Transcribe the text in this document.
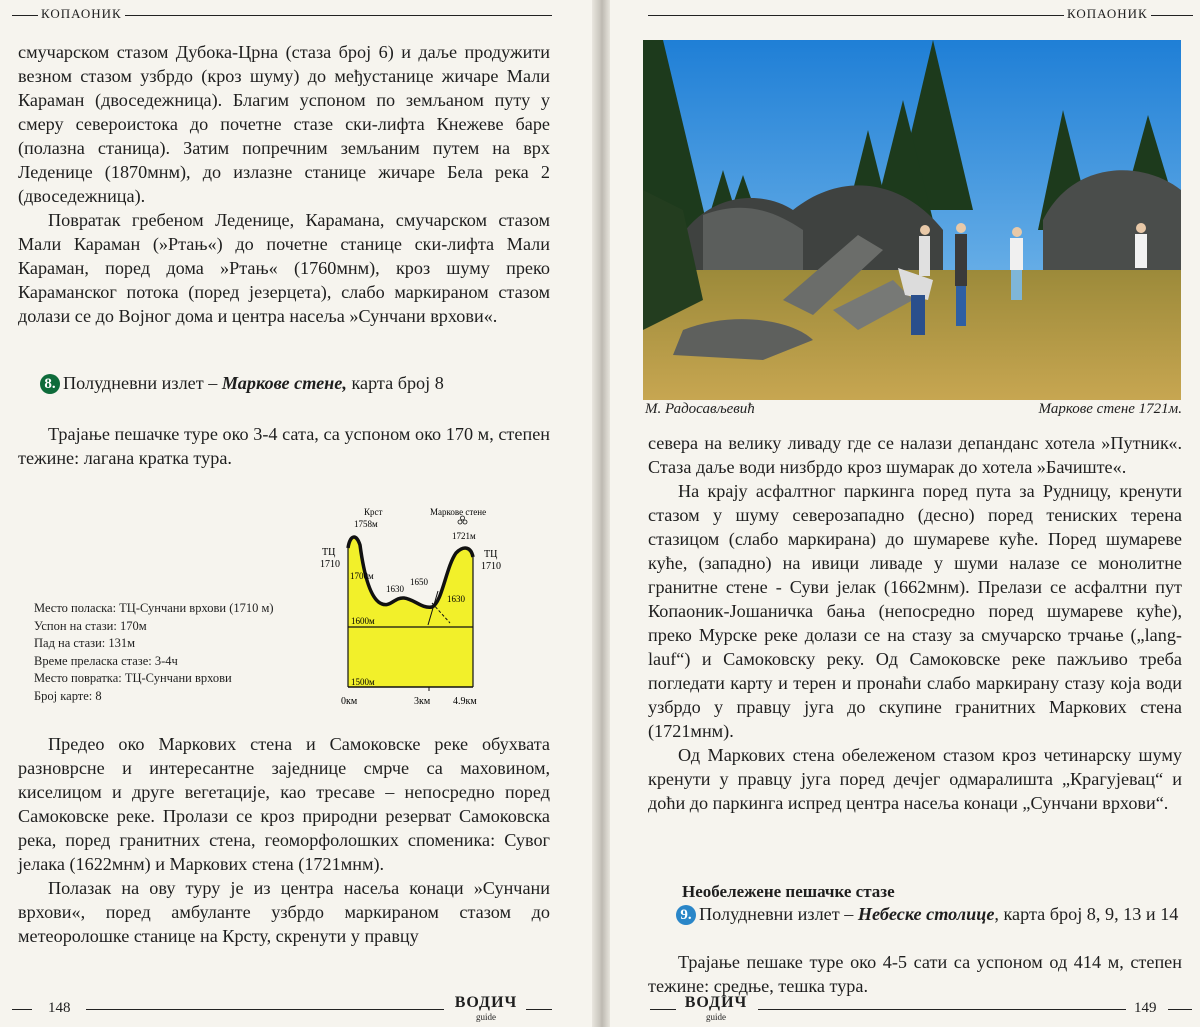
КОПАОНИК

смучарском стазом Дубока-Црна (стаза број 6) и даље продужити везном стазом узбрдо (кроз шуму) до међустанице жичаре Мали Караман (двоседежница). Благим успоном по земљаном путу у смеру североистока до почетне стазе ски-лифта Кнежеве баре (полазна станица). Затим попречним земљаним путем на врх Леденице (1870мнм), до излазне станице жичаре Бела река 2 (двоседежница).

Повратак гребеном Леденице, Карамана, смучарском стазом Мали Караман (»Ртањ«) до почетне станице ски-лифта Мали Караман, поред дома »Ртањ« (1760мнм), кроз шуму преко Караманског потока (поред језерцета), слабо маркираном стазом долази се до Војног дома и центра насеља »Сунчани врхови«.

8. Полудневни излет – Маркове стене, карта број 8

Трајање пешачке туре око 3-4 сата, са успоном око 170 м, степен тежине: лагана кратка тура.

Место поласка: ТЦ-Сунчани врхови (1710 м)
Успон на стази: 170м
Пад на стази: 131м
Време преласка стазе: 3-4ч
Место повратка: ТЦ-Сунчани врхови
Број карте: 8
ТЦ
1710
ТЦ
1710
Крст
1758м
Маркове стене
1721м
1700м
1630
1650
1630
1600м
1500м
0км	3км 4.9км

Предео око Маркових стена и Самоковске реке обухвата разноврсне и интересантне заједнице смрче са маховином, киселицом и друге вегетације, као тресаве – непосредно поред Самоковске реке. Пролази се кроз природни резерват Самоковска река, поред гранитних стена, геоморфолошких споменика: Сувог јелака (1622мнм) и Маркових стена (1721мнм).

Полазак на ову туру је из центра насеља конаци »Сунчани врхови«, поред амбуланте узбрдо маркираном стазом до метеоролошке станице на Крсту, скренути у правцу

148	ВОДИЧ
guide
КОПАОНИК
М. Радосављевић	Маркове стене 1721м.

севера на велику ливаду где се налази депанданс хотела »Путник«. Стаза даље води низбрдо кроз шумарак до хотела »Бачиште«.

На крају асфалтног паркинга поред пута за Рудницу, кренути стазом у шуму северозападно (десно) поред тениских терена стазицом (слабо маркирана) до шумареве куће. Поред шумареве куће, (западно) на ивици ливаде у шуми налазе се монолитне гранитне стене - Суви јелак (1662мнм). Прелази се асфалтни пут Копаоник-Јошаничка бања (непосредно поред шумареве куће), преко Мурске реке долази се на стазу за смучарско трчање („lang-lauf“) и Самоковску реку. Од Самоковске реке пажљиво треба погледати карту и терен и пронаћи слабо маркирану стазу која води узбрдо у правцу југа до скупине гранитних Маркових стена (1721мнм).

Од Маркових стена обележеном стазом кроз четинарску шуму кренути у правцу југа поред дечјег одмаралишта „Крагујевац“ и доћи до паркинга испред центра насеља конаци „Сунчани врхови“.

Необележене пешачке стазе
9. Полудневни излет – Небеске столице, карта број 8, 9, 13 и 14

Трајање пешаке туре око 4-5 сати са успоном од 414 м, степен тежине: средње, тешка тура.

ВОДИЧ
guide
149
